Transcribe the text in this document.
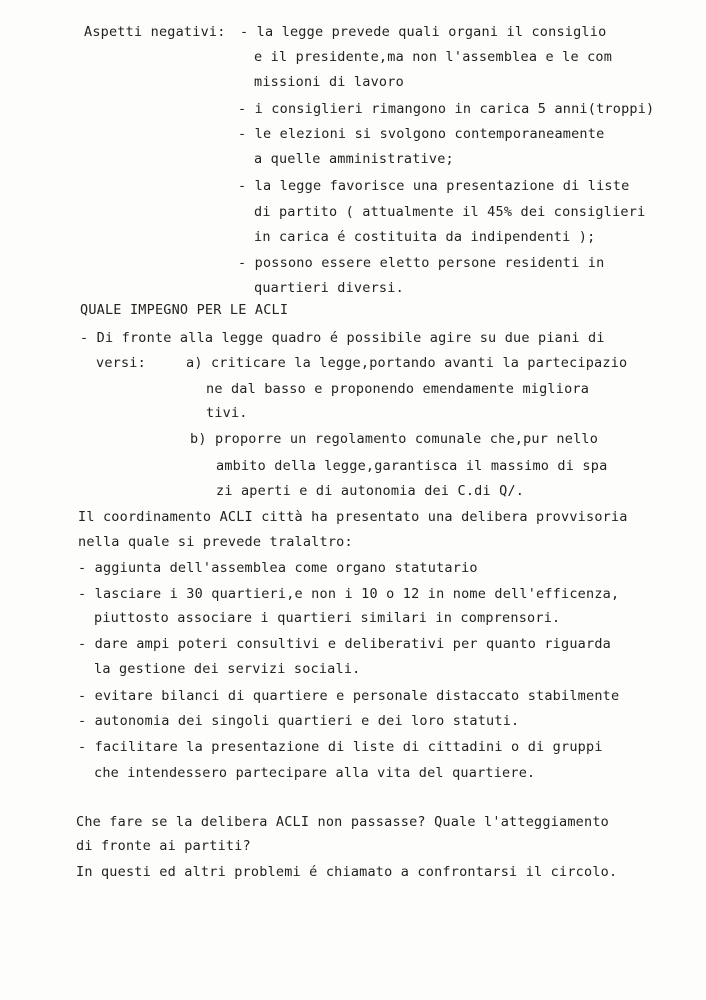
Aspetti negativi: - la legge prevede quali organi il consiglio
e il presidente,ma non l'assemblea e le com
missioni di lavoro
- i consiglieri rimangono in carica 5 anni(troppi)
- le elezioni si svolgono contemporaneamente
a quelle amministrative;
- la legge favorisce una presentazione di liste
di partito ( attualmente il 45% dei consiglieri
in carica é costituita da indipendenti );
- possono essere eletto persone residenti in
quartieri diversi.
QUALE IMPEGNO PER LE ACLI
- Di fronte alla legge quadro é possibile agire su due piani di
versi:	a) criticare la legge,portando avanti la partecipazio
ne dal basso e proponendo emendamente migliora
tivi.
b) proporre un regolamento comunale che,pur nello
ambito della legge,garantisca il massimo di spa
zi aperti e di autonomia dei C.di Q/.
Il coordinamento ACLI città ha presentato una delibera provvisoria
nella quale si prevede tralaltro:
- aggiunta dell'assemblea come organo statutario
- lasciare i 30 quartieri,e non i 10 o 12 in nome dell'efficenza,
piuttosto associare i quartieri similari in comprensori.
- dare ampi poteri consultivi e deliberativi per quanto riguarda
la gestione dei servizi sociali.
- evitare bilanci di quartiere e personale distaccato stabilmente
- autonomia dei singoli quartieri e dei loro statuti.
- facilitare la presentazione di liste di cittadini o di gruppi
che intendessero partecipare alla vita del quartiere.
Che fare se la delibera ACLI non passasse? Quale l'atteggiamento
di fronte ai partiti?
In questi ed altri problemi é chiamato a confrontarsi il circolo.
